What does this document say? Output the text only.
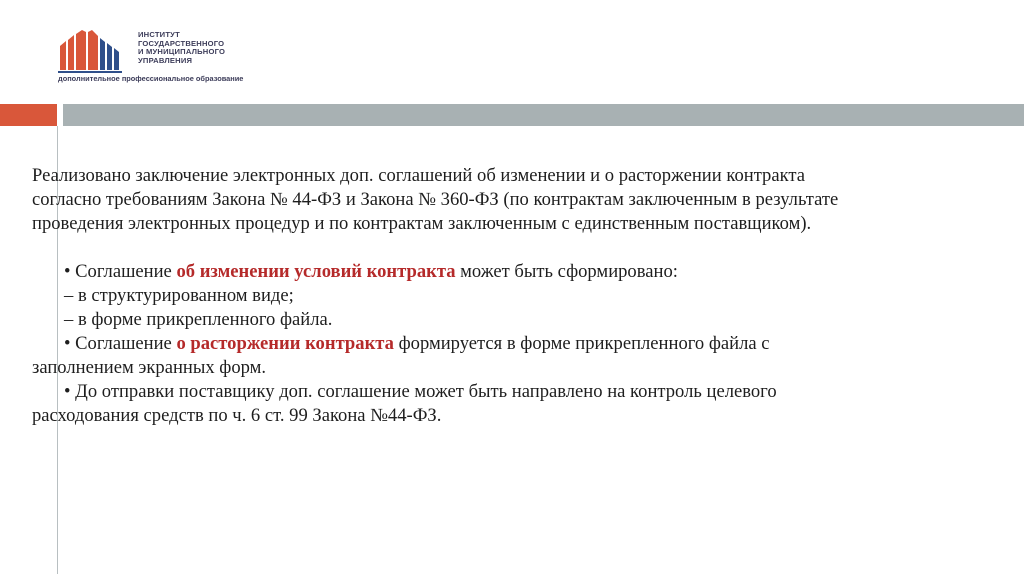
ИНСТИТУТ
ГОСУДАРСТВЕННОГО
И МУНИЦИПАЛЬНОГО
УПРАВЛЕНИЯ
дополнительное профессиональное образование

Реализовано заключение электронных доп. соглашений об изменении и о расторжении контракта

согласно требованиям Закона № 44-ФЗ и Закона № 360-ФЗ (по контрактам заключенным в результате

проведения электронных процедур и по контрактам заключенным с единственным поставщиком).

• Соглашение об изменении условий контракта может быть сформировано:

– в структурированном виде;

– в форме прикрепленного файла.

• Соглашение о расторжении контракта формируется в форме прикрепленного файла с

заполнением экранных форм.

• До отправки поставщику доп. соглашение может быть направлено на контроль целевого

расходования средств по ч. 6 ст. 99 Закона №44-ФЗ.
